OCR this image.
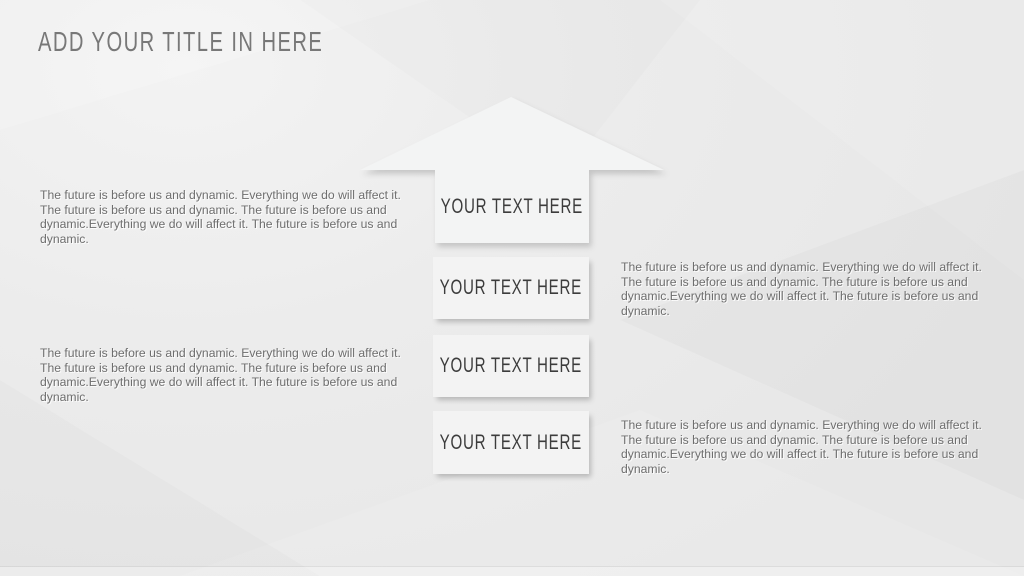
ADD YOUR TITLE IN HERE
YOUR TEXT HERE
YOUR TEXT HERE
YOUR TEXT HERE
YOUR TEXT HERE

The future is before us and dynamic. Everything we do will affect it. The future is before us and dynamic. The future is before us and dynamic.Everything we do will affect it. The future is before us and dynamic.

The future is before us and dynamic. Everything we do will affect it. The future is before us and dynamic. The future is before us and dynamic.Everything we do will affect it. The future is before us and dynamic.

The future is before us and dynamic. Everything we do will affect it. The future is before us and dynamic. The future is before us and dynamic.Everything we do will affect it. The future is before us and dynamic.

The future is before us and dynamic. Everything we do will affect it. The future is before us and dynamic. The future is before us and dynamic.Everything we do will affect it. The future is before us and dynamic.
